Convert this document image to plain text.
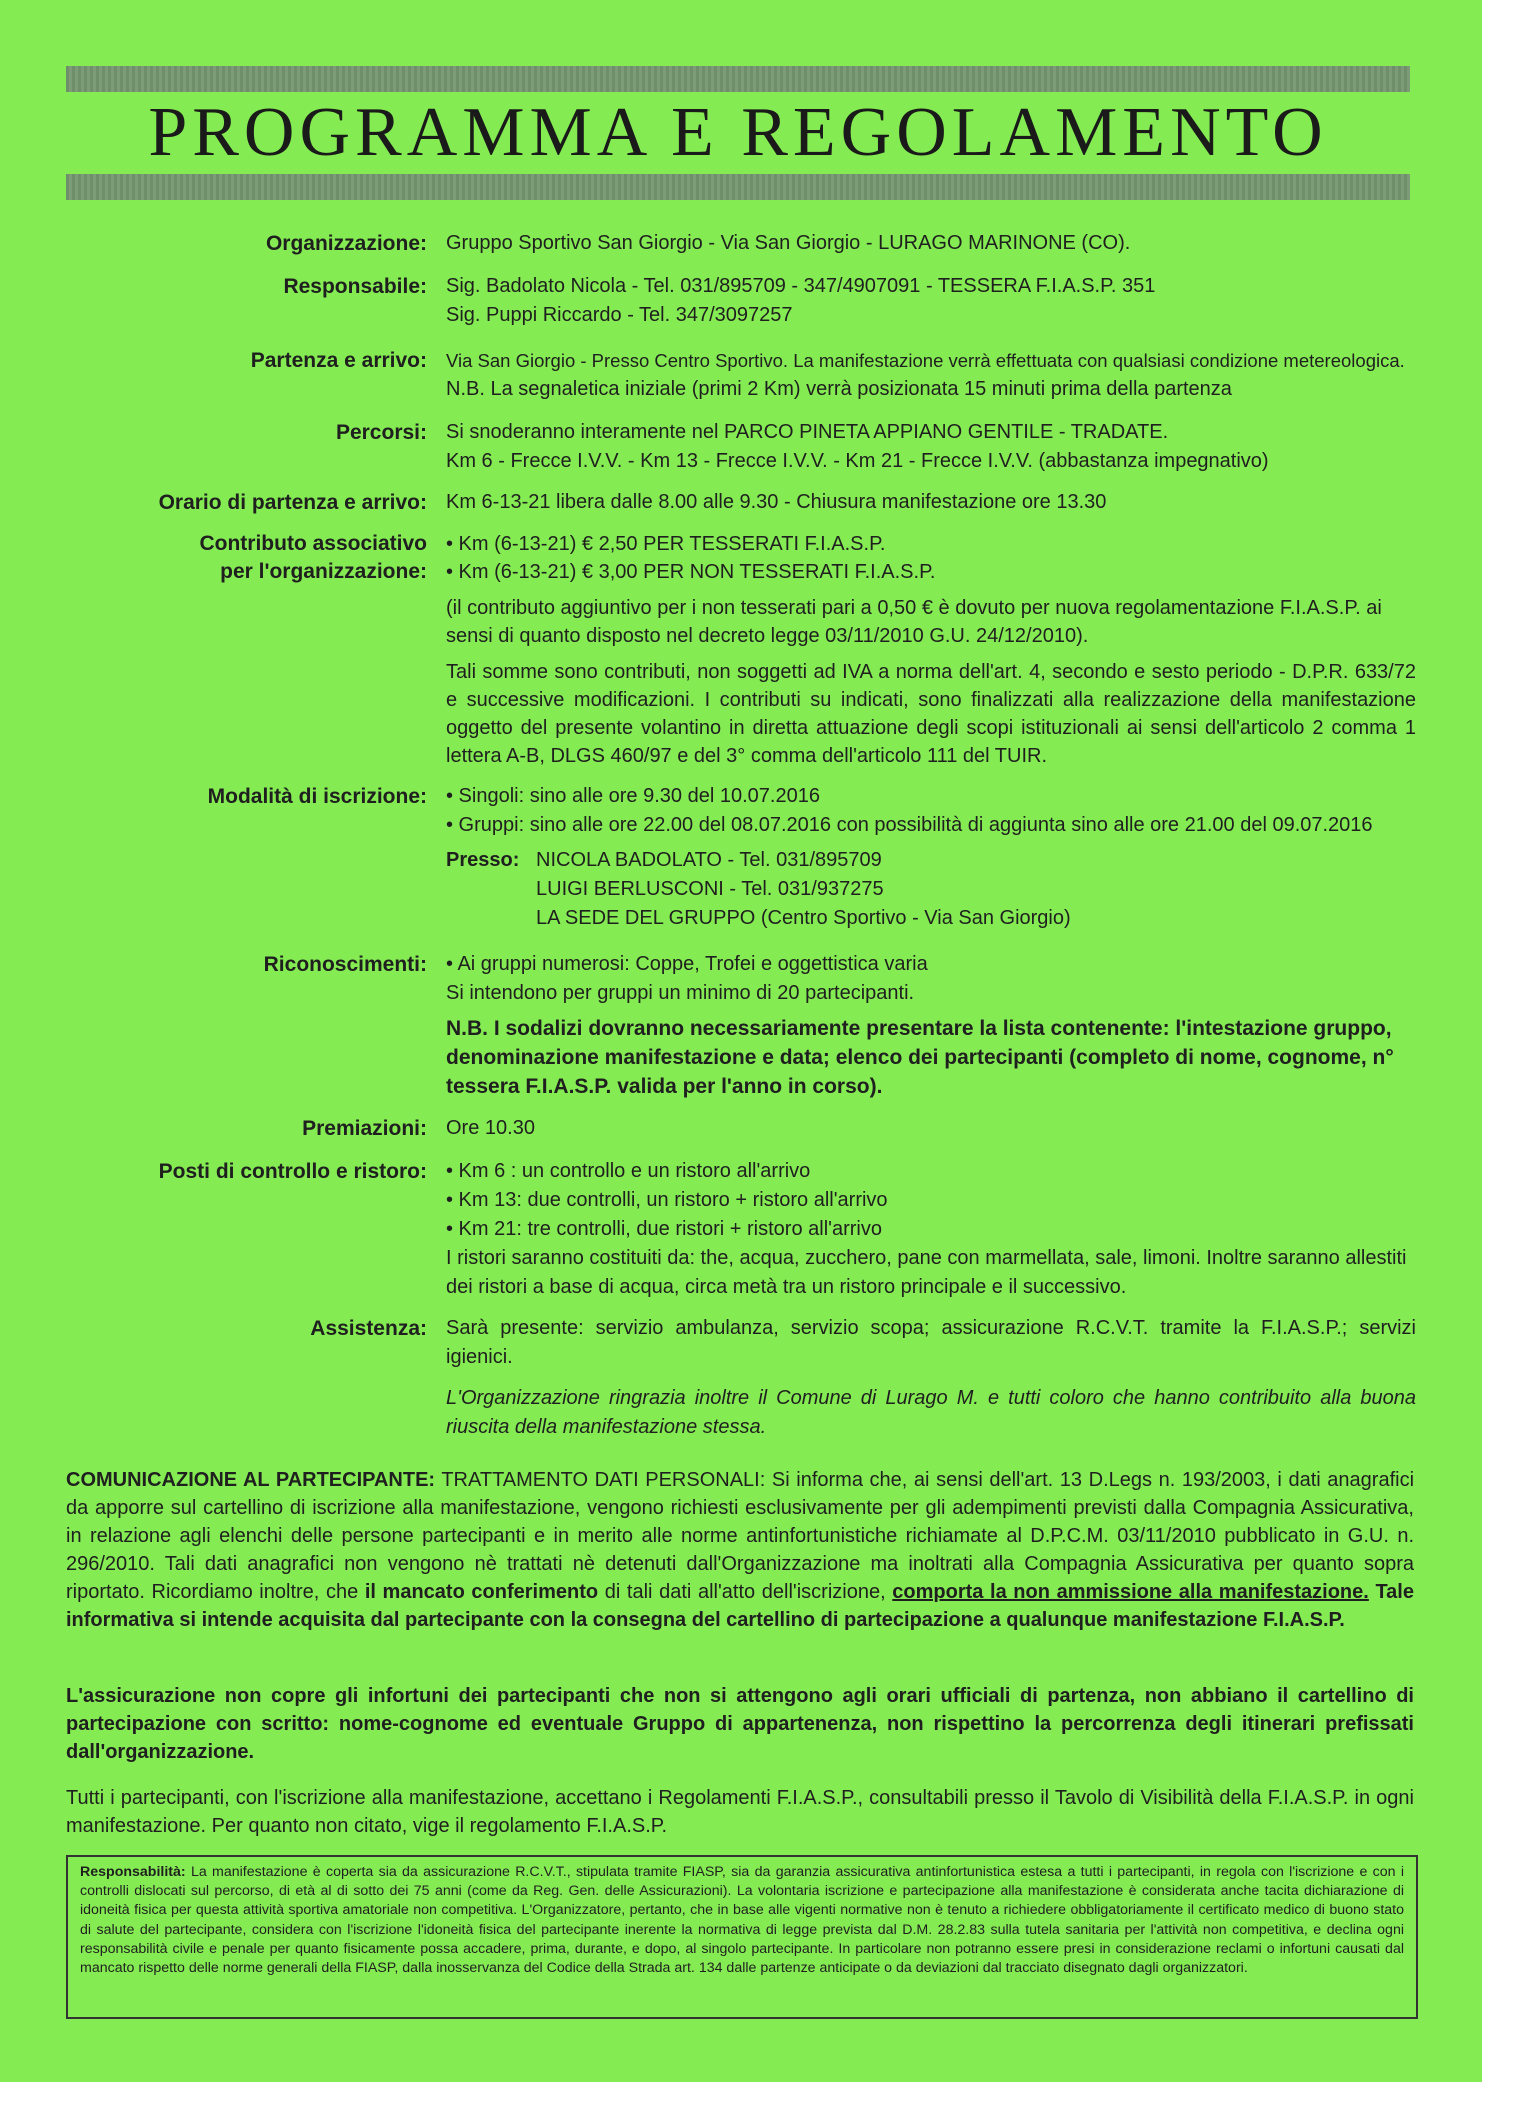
PROGRAMMA E REGOLAMENTO
Organizzazione: Gruppo Sportivo San Giorgio - Via San Giorgio - LURAGO MARINONE (CO).
Responsabile: Sig. Badolato Nicola - Tel. 031/895709 - 347/4907091 - TESSERA F.I.A.S.P. 351

Sig. Puppi Riccardo - Tel. 347/3097257

Partenza e arrivo: Via San Giorgio - Presso Centro Sportivo. La manifestazione verrà effettuata con qualsiasi condizione metereologica.

N.B. La segnaletica iniziale (primi 2 Km) verrà posizionata 15 minuti prima della partenza

Percorsi: Si snoderanno interamente nel PARCO PINETA APPIANO GENTILE - TRADATE.

Km 6 - Frecce I.V.V. - Km 13 - Frecce I.V.V. - Km 21 - Frecce I.V.V. (abbastanza impegnativo)

Orario di partenza e arrivo: Km 6-13-21 libera dalle 8.00 alle 9.30 - Chiusura manifestazione ore 13.30
Contributo associativo
per l'organizzazione:

• Km (6-13-21) € 2,50 PER TESSERATI F.I.A.S.P.

• Km (6-13-21) € 3,00 PER NON TESSERATI F.I.A.S.P.

(il contributo aggiuntivo per i non tesserati pari a 0,50 € è dovuto per nuova regolamentazione F.I.A.S.P. ai sensi di quanto disposto nel decreto legge 03/11/2010 G.U. 24/12/2010).

Tali somme sono contributi, non soggetti ad IVA a norma dell'art. 4, secondo e sesto periodo - D.P.R. 633/72 e successive modificazioni. I contributi su indicati, sono finalizzati alla realizzazione della manifestazione oggetto del presente volantino in diretta attuazione degli scopi istituzionali ai sensi dell'articolo 2 comma 1 lettera A-B, DLGS 460/97 e del 3° comma dell'articolo 111 del TUIR.

Modalità di iscrizione: • Singoli: sino alle ore 9.30 del 10.07.2016

• Gruppi: sino alle ore 22.00 del 08.07.2016 con possibilità di aggiunta sino alle ore 21.00 del 09.07.2016

Presso: NICOLA BADOLATO - Tel. 031/895709

LUIGI BERLUSCONI - Tel. 031/937275

LA SEDE DEL GRUPPO (Centro Sportivo - Via San Giorgio)

Riconoscimenti: • Ai gruppi numerosi: Coppe, Trofei e oggettistica varia

Si intendono per gruppi un minimo di 20 partecipanti.

N.B. I sodalizi dovranno necessariamente presentare la lista contenente: l'intestazione gruppo, denominazione manifestazione e data; elenco dei partecipanti (completo di nome, cognome, n° tessera F.I.A.S.P. valida per l'anno in corso).

Premiazioni: Ore 10.30
Posti di controllo e ristoro: • Km 6 : un controllo e un ristoro all'arrivo

• Km 13: due controlli, un ristoro + ristoro all'arrivo

• Km 21: tre controlli, due ristori + ristoro all'arrivo

I ristori saranno costituiti da: the, acqua, zucchero, pane con marmellata, sale, limoni. Inoltre saranno allestiti dei ristori a base di acqua, circa metà tra un ristoro principale e il successivo.

Assistenza: Sarà presente: servizio ambulanza, servizio scopa; assicurazione R.C.V.T. tramite la F.I.A.S.P.; servizi igienici.

L'Organizzazione ringrazia inoltre il Comune di Lurago M. e tutti coloro che hanno contribuito alla buona riuscita della manifestazione stessa.

COMUNICAZIONE AL PARTECIPANTE: TRATTAMENTO DATI PERSONALI: Si informa che, ai sensi dell'art. 13 D.Legs n. 193/2003, i dati anagrafici da apporre sul cartellino di iscrizione alla manifestazione, vengono richiesti esclusivamente per gli adempimenti previsti dalla Compagnia Assicurativa, in relazione agli elenchi delle persone partecipanti e in merito alle norme antinfortunistiche richiamate al D.P.C.M. 03/11/2010 pubblicato in G.U. n. 296/2010. Tali dati anagrafici non vengono nè trattati nè detenuti dall'Organizzazione ma inoltrati alla Compagnia Assicurativa per quanto sopra riportato. Ricordiamo inoltre, che il mancato conferimento di tali dati all'atto dell'iscrizione, comporta la non ammissione alla manifestazione. Tale informativa si intende acquisita dal partecipante con la consegna del cartellino di partecipazione a qualunque manifestazione F.I.A.S.P.

L'assicurazione non copre gli infortuni dei partecipanti che non si attengono agli orari ufficiali di partenza, non abbiano il cartellino di partecipazione con scritto: nome-cognome ed eventuale Gruppo di appartenenza, non rispettino la percorrenza degli itinerari prefissati dall'organizzazione.
Tutti i partecipanti, con l'iscrizione alla manifestazione, accettano i Regolamenti F.I.A.S.P., consultabili presso il Tavolo di Visibilità della F.I.A.S.P. in ogni manifestazione. Per quanto non citato, vige il regolamento F.I.A.S.P.
Responsabilità: La manifestazione è coperta sia da assicurazione R.C.V.T., stipulata tramite FIASP, sia da garanzia assicurativa antinfortunistica estesa a tutti i partecipanti, in regola con l'iscrizione e con i controlli dislocati sul percorso, di età al di sotto dei 75 anni (come da Reg. Gen. delle Assicurazioni). La volontaria iscrizione e partecipazione alla manifestazione è considerata anche tacita dichiarazione di idoneità fisica per questa attività sportiva amatoriale non competitiva. L'Organizzatore, pertanto, che in base alle vigenti normative non è tenuto a richiedere obbligatoriamente il certificato medico di buono stato di salute del partecipante, considera con l'iscrizione l'idoneità fisica del partecipante inerente la normativa di legge prevista dal D.M. 28.2.83 sulla tutela sanitaria per l'attività non competitiva, e declina ogni responsabilità civile e penale per quanto fisicamente possa accadere, prima, durante, e dopo, al singolo partecipante. In particolare non potranno essere presi in considerazione reclami o infortuni causati dal mancato rispetto delle norme generali della FIASP, dalla inosservanza del Codice della Strada art. 134 dalle partenze anticipate o da deviazioni dal tracciato disegnato dagli organizzatori.
